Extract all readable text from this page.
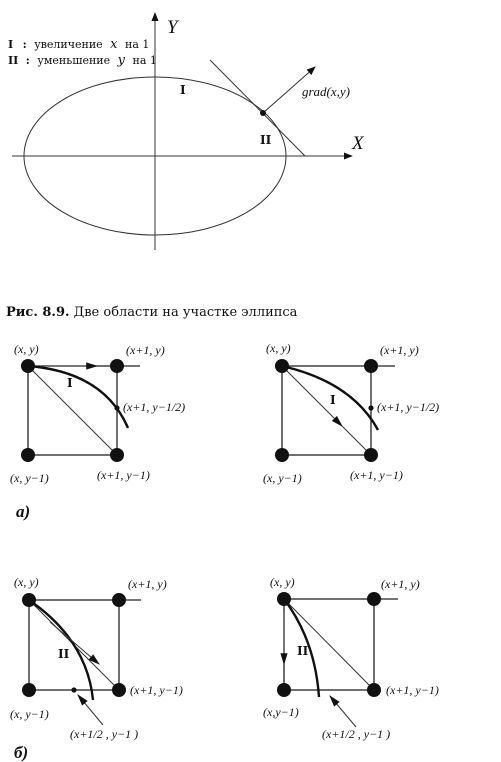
Y
X
grad(x,y)
I
II
I : увеличение x на 1
II : уменьшение y на 1
Рис. 8.9. Две области на участке эллипса
(x, y)	(x+1, y)
(x, y−1)	(x+1, y−1)
(x+1, y−1/2)
I
(x, y)	(x+1, y)
(x, y−1)	(x+1, y−1)
(x+1, y−1/2)
I
а)
(x, y)	(x+1, y)
(x, y−1)
(x+1, y−1)
(x+1/2 , y−1 )
II
(x, y)	(x+1, y)
(x,y−1)
(x+1, y−1)
(x+1/2 , y−1 )
II
б)
